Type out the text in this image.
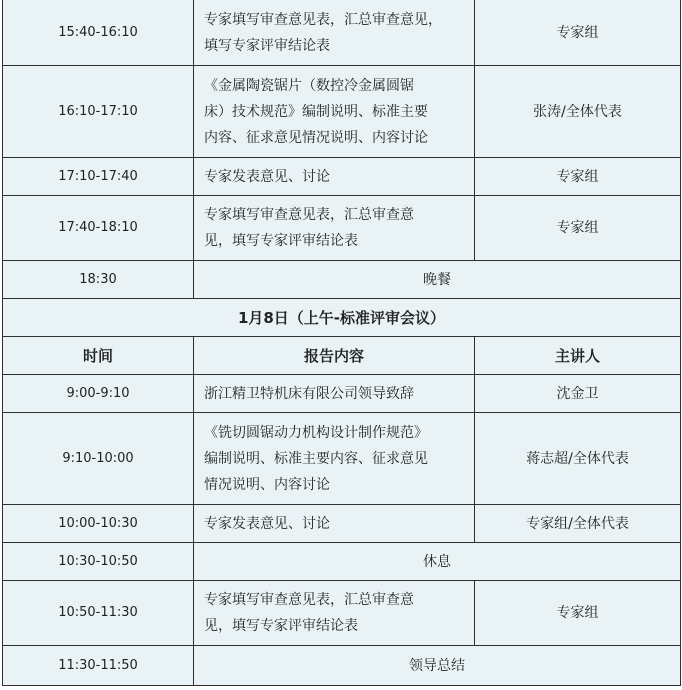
15:40-16:10	专家填写审查意见表，汇总审查意见，
填写专家评审结论表	专家组
16:10-17:10	《金属陶瓷锯片（数控冷金属圆锯
床）技术规范》编制说明、标准主要
内容、征求意见情况说明、内容讨论	张涛/全体代表
17:10-17:40	专家发表意见、讨论	专家组
17:40-18:10	专家填写审查意见表，汇总审查意
见，填写专家评审结论表	专家组
18:30	晚餐	
1月8日（上午-标准评审会议）		
时间	报告内容	主讲人
9:00-9:10	浙江精卫特机床有限公司领导致辞	沈金卫
9:10-10:00	《铣切圆锯动力机构设计制作规范》
编制说明、标准主要内容、征求意见
情况说明、内容讨论	蒋志超/全体代表
10:00-10:30	专家发表意见、讨论	专家组/全体代表
10:30-10:50	休息	
10:50-11:30	专家填写审查意见表，汇总审查意
见，填写专家评审结论表	专家组
11:30-11:50	领导总结	
